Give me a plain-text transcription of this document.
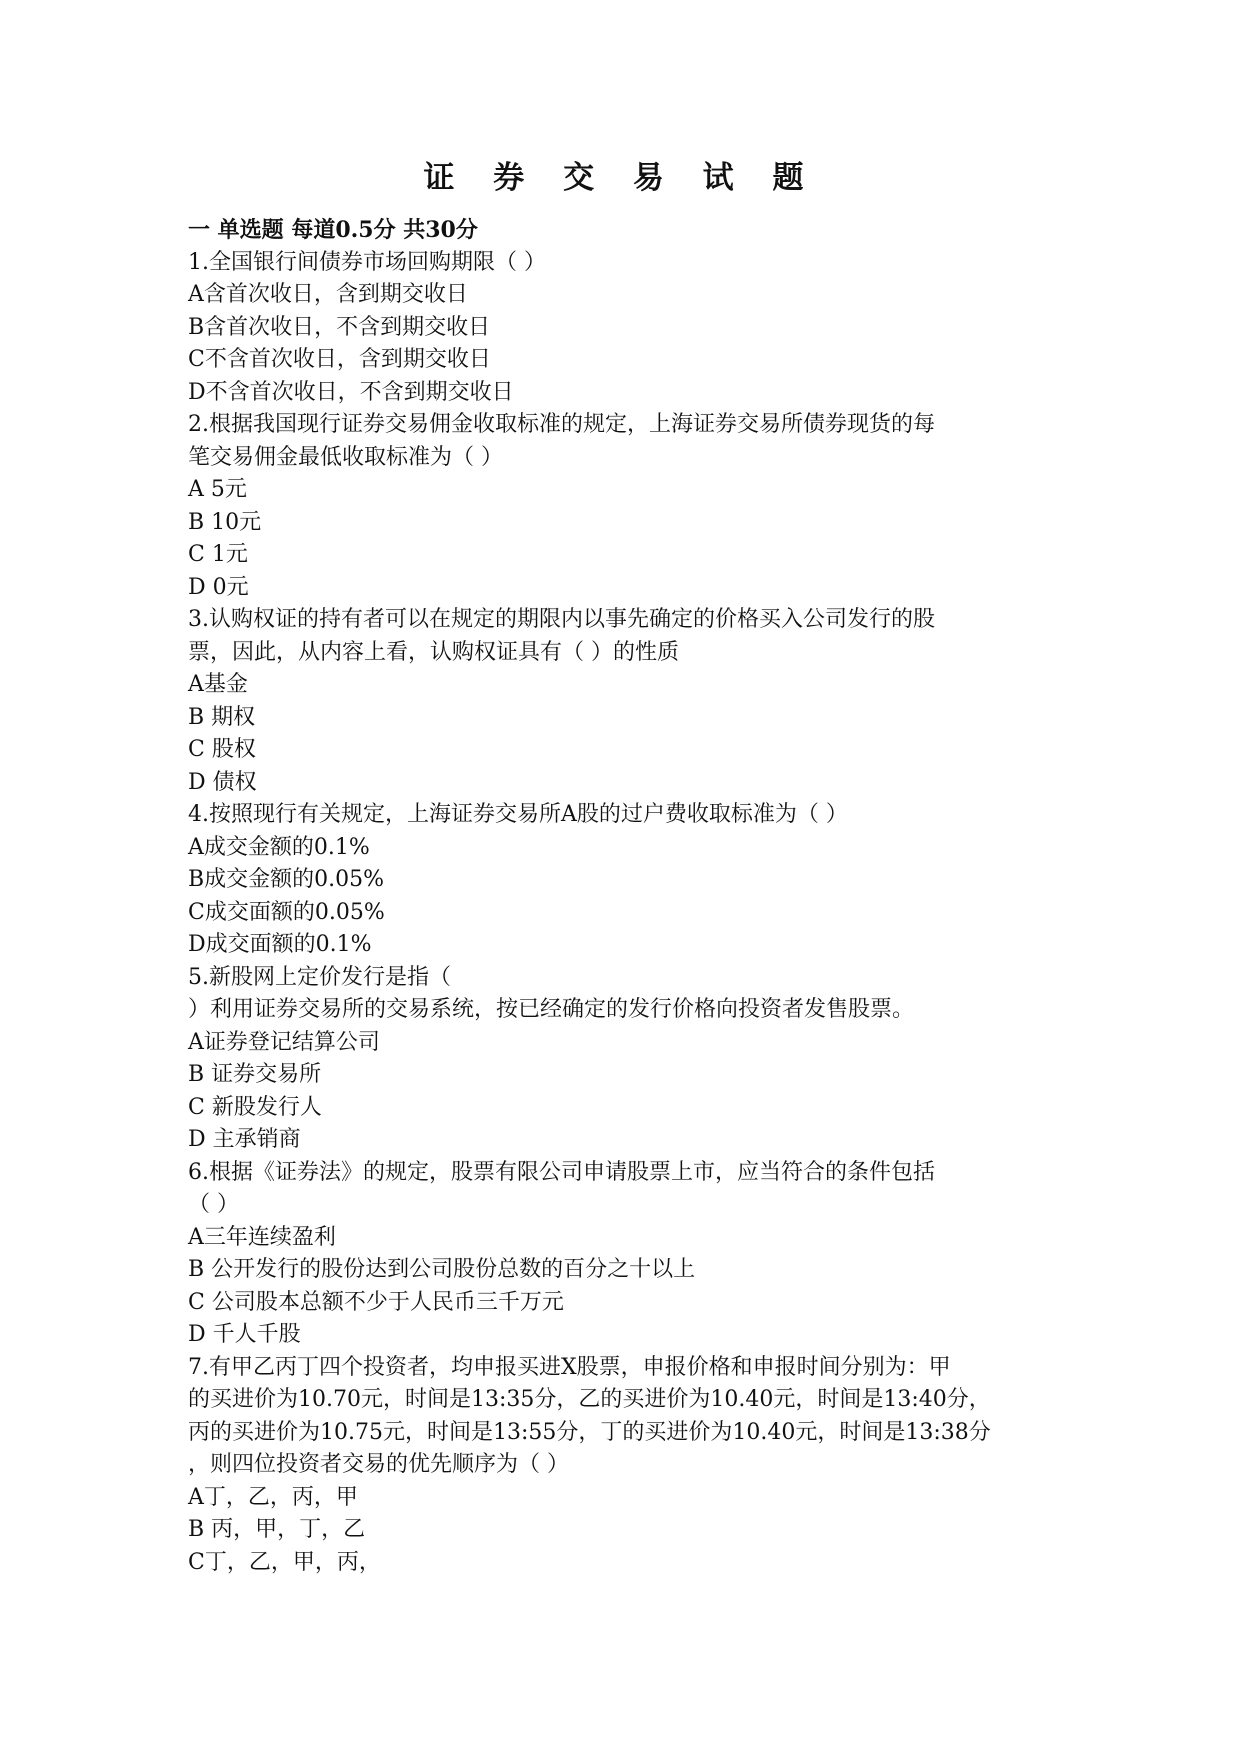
证 券 交 易 试 题
一 单选题 每道0.5分 共30分
1.全国银行间债券市场回购期限（ ）
A含首次收日，含到期交收日
B含首次收日，不含到期交收日
C不含首次收日，含到期交收日
D不含首次收日，不含到期交收日
2.根据我国现行证券交易佣金收取标准的规定，上海证券交易所债券现货的每
笔交易佣金最低收取标准为（ ）
A 5元
B 10元
C 1元
D 0元
3.认购权证的持有者可以在规定的期限内以事先确定的价格买入公司发行的股
票，因此，从内容上看，认购权证具有（ ）的性质
A基金
B 期权
C 股权
D 债权
4.按照现行有关规定，上海证券交易所A股的过户费收取标准为（ ）
A成交金额的0.1%
B成交金额的0.05%
C成交面额的0.05%
D成交面额的0.1%
5.新股网上定价发行是指（
）利用证券交易所的交易系统，按已经确定的发行价格向投资者发售股票。
A证券登记结算公司
B 证券交易所
C 新股发行人
D 主承销商
6.根据《证券法》的规定，股票有限公司申请股票上市，应当符合的条件包括
（ ）
A三年连续盈利
B 公开发行的股份达到公司股份总数的百分之十以上
C 公司股本总额不少于人民币三千万元
D 千人千股
7.有甲乙丙丁四个投资者，均申报买进X股票，申报价格和申报时间分别为：甲
的买进价为10.70元，时间是13:35分，乙的买进价为10.40元，时间是13:40分，
丙的买进价为10.75元，时间是13:55分，丁的买进价为10.40元，时间是13:38分
，则四位投资者交易的优先顺序为（ ）
A丁，乙，丙，甲
B 丙，甲，丁，乙
C丁，乙，甲，丙，
